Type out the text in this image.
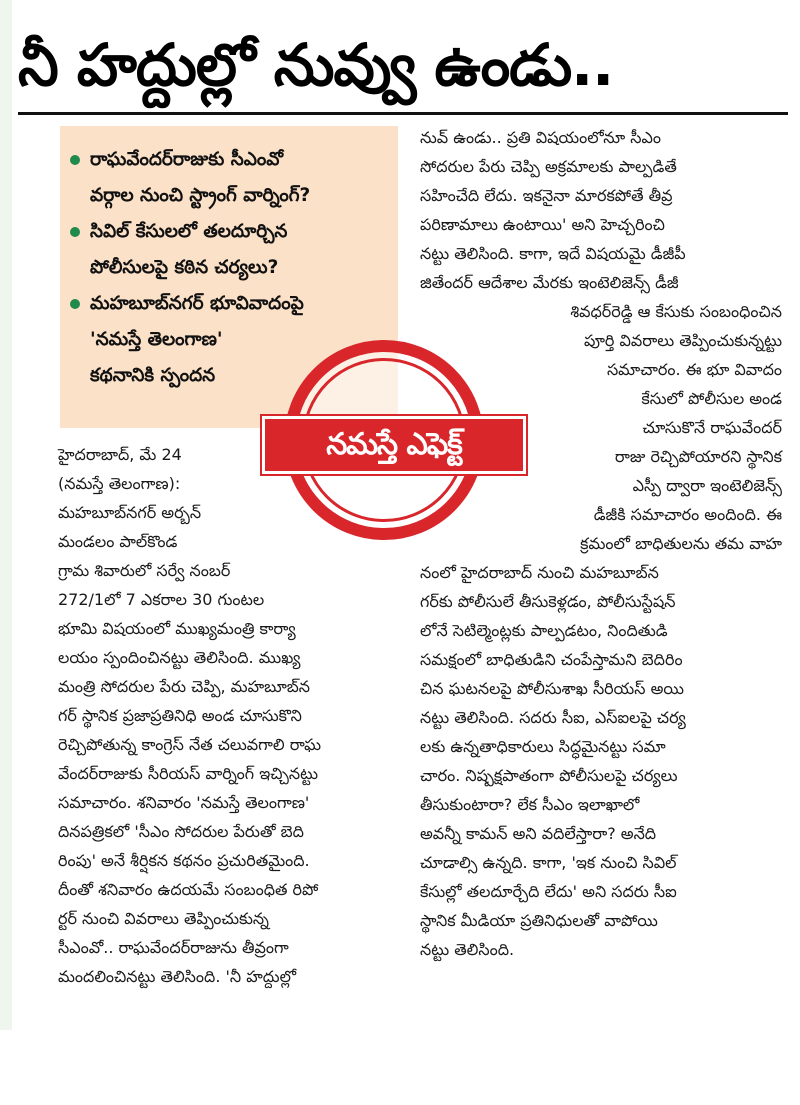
నీ హద్దుల్లో నువ్వు ఉండు..
రాఘవేందర్‌రాజుకు సీఎంవో
వర్గాల నుంచి స్ట్రాంగ్ వార్నింగ్?
సివిల్ కేసులలో తలదూర్చిన
పోలీసులపై కఠిన చర్యలు?
మహబూబ్‌నగర్ భూవివాదంపై
'నమస్తే తెలంగాణ'
కథనానికి స్పందన
హైదరాబాద్, మే 24
(నమస్తే తెలంగాణ):
మహబూబ్‌నగర్ అర్బన్
మండలం పాల్‌కొండ
గ్రామ శివారులో సర్వే నంబర్
272/1లో 7 ఎకరాల 30 గుంటల
భూమి విషయంలో ముఖ్యమంత్రి కార్యా
లయం స్పందించినట్టు తెలిసింది. ముఖ్య
మంత్రి సోదరుల పేరు చెప్పి, మహబూబ్‌న
గర్ స్థానిక ప్రజాప్రతినిధి అండ చూసుకొని
రెచ్చిపోతున్న కాంగ్రెస్ నేత చలువగాలి రాఘ
వేందర్‌రాజుకు సీరియస్ వార్నింగ్ ఇచ్చినట్టు
సమాచారం. శనివారం 'నమస్తే తెలంగాణ'
దినపత్రికలో 'సీఎం సోదరుల పేరుతో బెది
రింపు' అనే శీర్షికన కథనం ప్రచురితమైంది.
దీంతో శనివారం ఉదయమే సంబంధిత రిపో
ర్టర్ నుంచి వివరాలు తెప్పించుకున్న
సీఎంవో.. రాఘవేందర్‌రాజును తీవ్రంగా
మందలించినట్టు తెలిసింది. 'నీ హద్దుల్లో
నువ్ ఉండు.. ప్రతి విషయంలోనూ సీఎం
సోదరుల పేరు చెప్పి అక్రమాలకు పాల్పడితే
సహించేది లేదు. ఇకనైనా మారకపోతే తీవ్ర
పరిణామాలు ఉంటాయి' అని హెచ్చరించి
నట్టు తెలిసింది. కాగా, ఇదే విషయమై డీజీపీ
జితేందర్ ఆదేశాల మేరకు ఇంటెలిజెన్స్ డీజీ
శివధర్‌రెడ్డి ఆ కేసుకు సంబంధించిన
పూర్తి వివరాలు తెప్పించుకున్నట్టు
సమాచారం. ఈ భూ వివాదం
కేసులో పోలీసుల అండ
చూసుకొనే రాఘవేందర్
రాజు రెచ్చిపోయారని స్థానిక
ఎస్పీ ద్వారా ఇంటెలిజెన్స్
డీజీకి సమాచారం అందింది. ఈ
క్రమంలో బాధితులను తమ వాహ
నంలో హైదరాబాద్ నుంచి మహబూబ్‌న
గర్‌కు పోలీసులే తీసుకెళ్లడం, పోలీసుస్టేషన్
లోనే సెటిల్మెంట్లకు పాల్పడటం, నిందితుడి
సమక్షంలో బాధితుడిని చంపేస్తామని బెదిరిం
చిన ఘటనలపై పోలీసుశాఖ సీరియస్ అయి
నట్టు తెలిసింది. సదరు సీఐ, ఎస్‌ఐలపై చర్య
లకు ఉన్నతాధికారులు సిద్ధమైనట్టు సమా
చారం. నిష్పక్షపాతంగా పోలీసులపై చర్యలు
తీసుకుంటారా? లేక సీఎం ఇలాఖాలో
అవన్నీ కామన్ అని వదిలేస్తారా? అనేది
చూడాల్సి ఉన్నది. కాగా, 'ఇక నుంచి సివిల్
కేసుల్లో తలదూర్చేది లేదు' అని సదరు సీఐ
స్థానిక మీడియా ప్రతినిధులతో వాపోయి
నట్టు తెలిసింది.
నమస్తే ఎఫెక్ట్
